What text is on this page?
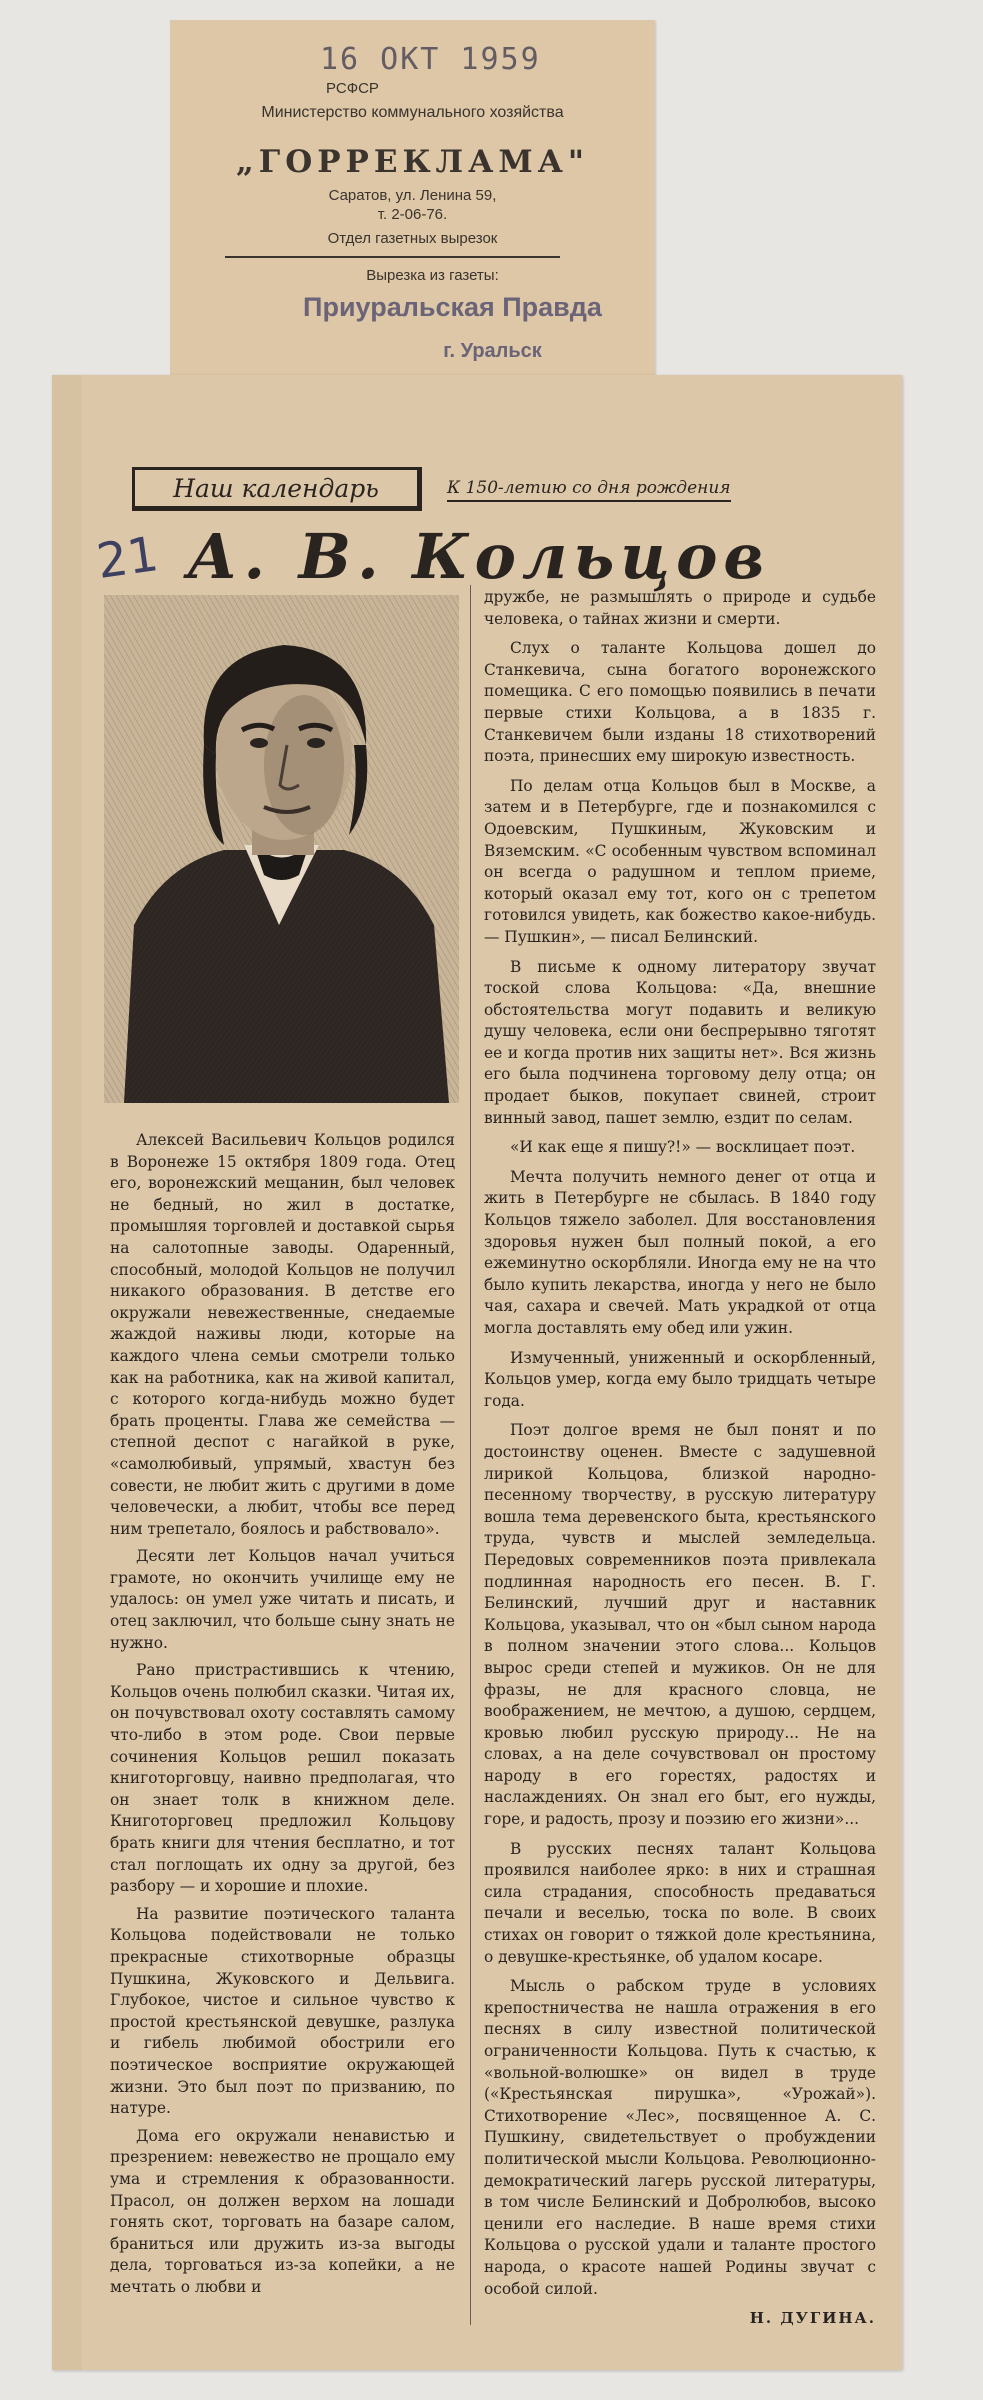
16 ОКТ 1959
РСФСР
Министерство коммунального хозяйства
„ГОРРЕКЛАМА"
Саратов, ул. Ленина 59,
т. 2-06-76.
Отдел газетных вырезок
Вырезка из газеты:
Приуральская Правда
г. Уральск
Наш календарь	К 150-летию со дня рождения
21 А. В. Кольцов

Алексей Васильевич Кольцов родился в Воронеже 15 октября 1809 года. Отец его, воронежский мещанин, был человек не бедный, но жил в достатке, промышляя торговлей и доставкой сырья на салотопные заводы. Одаренный, способный, молодой Кольцов не получил никакого образования. В детстве его окружали невежественные, снедаемые жаждой наживы люди, которые на каждого члена семьи смотрели только как на работника, как на живой капитал, с которого когда-нибудь можно будет брать проценты. Глава же семейства — степной деспот с нагайкой в руке, «самолюбивый, упрямый, хвастун без совести, не любит жить с другими в доме человечески, а любит, чтобы все перед ним трепетало, боялось и рабствовало».

Десяти лет Кольцов начал учиться грамоте, но окончить училище ему не удалось: он умел уже читать и писать, и отец заключил, что больше сыну знать не нужно.

Рано пристрастившись к чтению, Кольцов очень полюбил сказки. Читая их, он почувствовал охоту составлять самому что-либо в этом роде. Свои первые сочинения Кольцов решил показать книготорговцу, наивно предполагая, что он знает толк в книжном деле. Книготорговец предложил Кольцову брать книги для чтения бесплатно, и тот стал поглощать их одну за другой, без разбору — и хорошие и плохие.

На развитие поэтического таланта Кольцова подействовали не только прекрасные стихотворные образцы Пушкина, Жуковского и Дельвига. Глубокое, чистое и сильное чувство к простой крестьянской девушке, разлука и гибель любимой обострили его поэтическое восприятие окружающей жизни. Это был поэт по призванию, по натуре.

Дома его окружали ненавистью и презрением: невежество не прощало ему ума и стремления к образованности. Прасол, он должен верхом на лошади гонять скот, торговать на базаре салом, браниться или дружить из-за выгоды дела, торговаться из-за копейки, а не мечтать о любви и

дружбе, не размышлять о природе и судьбе человека, о тайнах жизни и смерти.

Слух о таланте Кольцова дошел до Станкевича, сына богатого воронежского помещика. С его помощью появились в печати первые стихи Кольцова, а в 1835 г. Станкевичем были изданы 18 стихотворений поэта, принесших ему широкую известность.

По делам отца Кольцов был в Москве, а затем и в Петербурге, где и познакомился с Одоевским, Пушкиным, Жуковским и Вяземским. «С особенным чувством вспоминал он всегда о радушном и теплом приеме, который оказал ему тот, кого он с трепетом готовился увидеть, как божество какое-нибудь. — Пушкин», — писал Белинский.

В письме к одному литератору звучат тоской слова Кольцова: «Да, внешние обстоятельства могут подавить и великую душу человека, если они беспрерывно тяготят ее и когда против них защиты нет». Вся жизнь его была подчинена торговому делу отца; он продает быков, покупает свиней, строит винный завод, пашет землю, ездит по селам.

«И как еще я пишу?!» — восклицает поэт.

Мечта получить немного денег от отца и жить в Петербурге не сбылась. В 1840 году Кольцов тяжело заболел. Для восстановления здоровья нужен был полный покой, а его ежеминутно оскорбляли. Иногда ему не на что было купить лекарства, иногда у него не было чая, сахара и свечей. Мать украдкой от отца могла доставлять ему обед или ужин.

Измученный, униженный и оскорбленный, Кольцов умер, когда ему было тридцать четыре года.

Поэт долгое время не был понят и по достоинству оценен. Вместе с задушевной лирикой Кольцова, близкой народно-песенному творчеству, в русскую литературу вошла тема деревенского быта, крестьянского труда, чувств и мыслей земледельца. Передовых современников поэта привлекала подлинная народность его песен. В. Г. Белинский, лучший друг и наставник Кольцова, указывал, что он «был сыном народа в полном значении этого слова... Кольцов вырос среди степей и мужиков. Он не для фразы, не для красного словца, не воображением, не мечтою, а душою, сердцем, кровью любил русскую природу... Не на словах, а на деле сочувствовал он простому народу в его горестях, радостях и наслаждениях. Он знал его быт, его нужды, горе, и радость, прозу и поэзию его жизни»...

В русских песнях талант Кольцова проявился наиболее ярко: в них и страшная сила страдания, способность предаваться печали и веселью, тоска по воле. В своих стихах он говорит о тяжкой доле крестьянина, о девушке-крестьянке, об удалом косаре.

Мысль о рабском труде в условиях крепостничества не нашла отражения в его песнях в силу известной политической ограниченности Кольцова. Путь к счастью, к «вольной-волюшке» он видел в труде («Крестьянская пирушка», «Урожай»). Стихотворение «Лес», посвященное А. С. Пушкину, свидетельствует о пробуждении политической мысли Кольцова. Революционно-демократический лагерь русской литературы, в том числе Белинский и Добролюбов, высоко ценили его наследие. В наше время стихи Кольцова о русской удали и таланте простого народа, о красоте нашей Родины звучат с особой силой.

Н. ДУГИНА.
